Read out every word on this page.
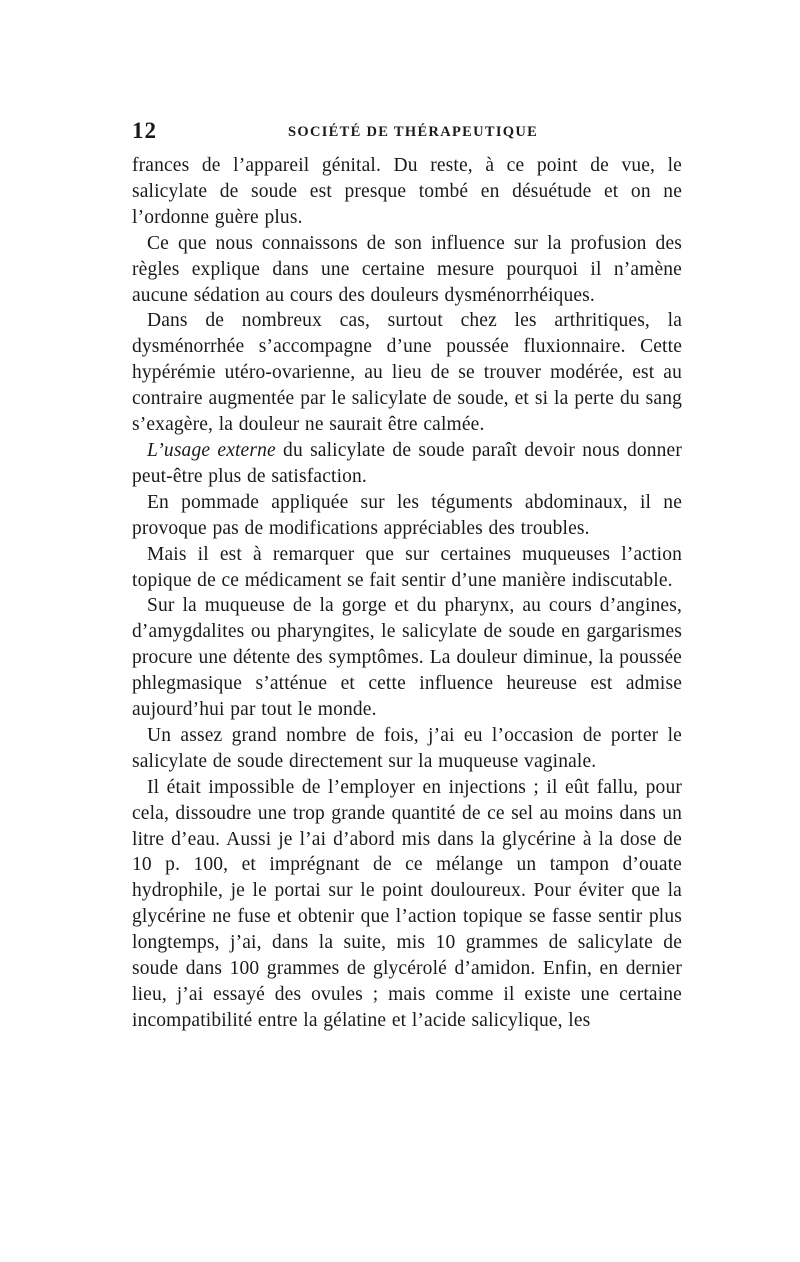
12	SOCIÉTÉ DE THÉRAPEUTIQUE

frances de l’appareil génital. Du reste, à ce point de vue, le salicylate de soude est presque tombé en désuétude et on ne l’ordonne guère plus.

Ce que nous connaissons de son influence sur la profusion des règles explique dans une certaine mesure pourquoi il n’amène aucune sédation au cours des douleurs dysménorrhéiques.

Dans de nombreux cas, surtout chez les arthritiques, la dysménorrhée s’accompagne d’une poussée fluxionnaire. Cette hypérémie utéro-ovarienne, au lieu de se trouver modérée, est au contraire augmentée par le salicylate de soude, et si la perte du sang s’exagère, la douleur ne saurait être calmée.

L’usage externe du salicylate de soude paraît devoir nous donner peut-être plus de satisfaction.

En pommade appliquée sur les téguments abdominaux, il ne provoque pas de modifications appréciables des troubles.

Mais il est à remarquer que sur certaines muqueuses l’action topique de ce médicament se fait sentir d’une manière indiscutable.

Sur la muqueuse de la gorge et du pharynx, au cours d’angines, d’amygdalites ou pharyngites, le salicylate de soude en gargarismes procure une détente des symptômes. La douleur diminue, la poussée phlegmasique s’atténue et cette influence heureuse est admise aujourd’hui par tout le monde.

Un assez grand nombre de fois, j’ai eu l’occasion de porter le salicylate de soude directement sur la muqueuse vaginale.

Il était impossible de l’employer en injections ; il eût fallu, pour cela, dissoudre une trop grande quantité de ce sel au moins dans un litre d’eau. Aussi je l’ai d’abord mis dans la glycérine à la dose de 10 p. 100, et imprégnant de ce mélange un tampon d’ouate hydrophile, je le portai sur le point douloureux. Pour éviter que la glycérine ne fuse et obtenir que l’action topique se fasse sentir plus longtemps, j’ai, dans la suite, mis 10 grammes de salicylate de soude dans 100 grammes de glycérolé d’amidon. Enfin, en dernier lieu, j’ai essayé des ovules ; mais comme il existe une certaine incompatibilité entre la gélatine et l’acide salicylique, les
